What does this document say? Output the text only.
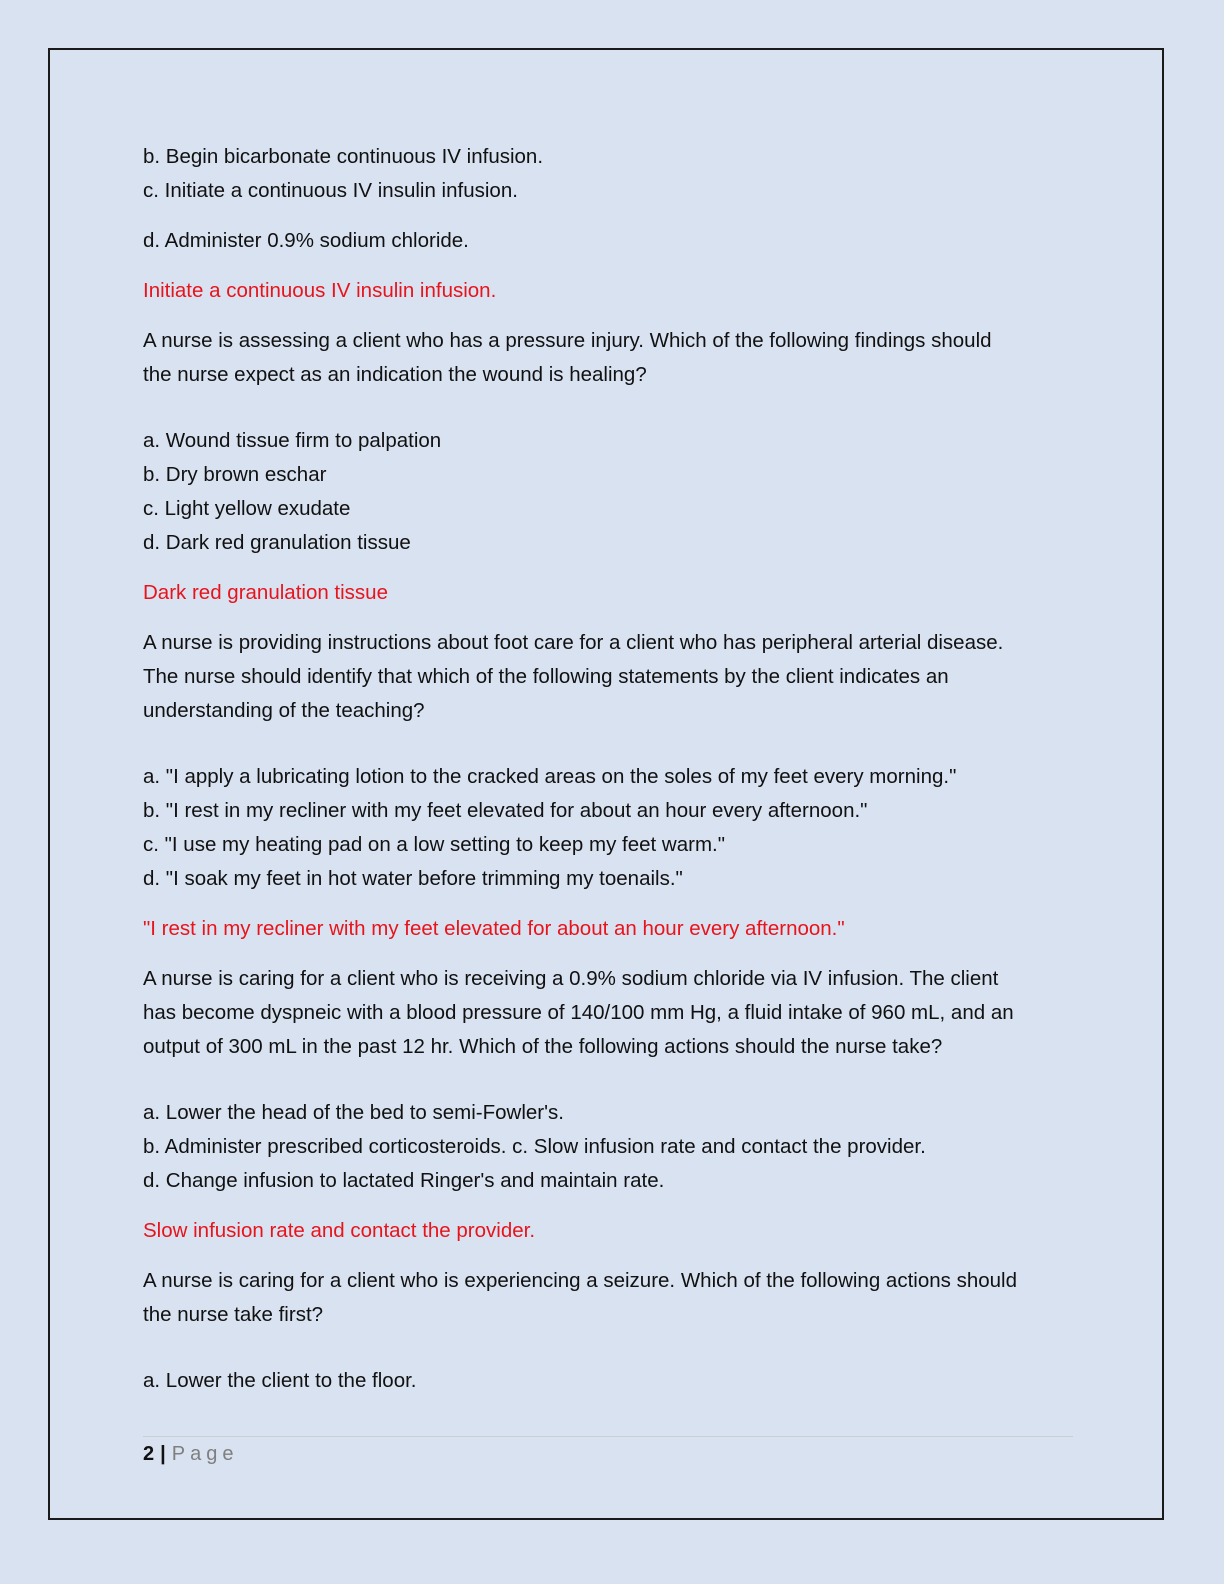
b. Begin bicarbonate continuous IV infusion.

c. Initiate a continuous IV insulin infusion.

d. Administer 0.9% sodium chloride.

Initiate a continuous IV insulin infusion.

A nurse is assessing a client who has a pressure injury. Which of the following findings should

the nurse expect as an indication the wound is healing?

a. Wound tissue firm to palpation

b. Dry brown eschar

c. Light yellow exudate

d. Dark red granulation tissue

Dark red granulation tissue

A nurse is providing instructions about foot care for a client who has peripheral arterial disease.

The nurse should identify that which of the following statements by the client indicates an

understanding of the teaching?

a. "I apply a lubricating lotion to the cracked areas on the soles of my feet every morning."

b. "I rest in my recliner with my feet elevated for about an hour every afternoon."

c. "I use my heating pad on a low setting to keep my feet warm."

d. "I soak my feet in hot water before trimming my toenails."

"I rest in my recliner with my feet elevated for about an hour every afternoon."

A nurse is caring for a client who is receiving a 0.9% sodium chloride via IV infusion. The client

has become dyspneic with a blood pressure of 140/100 mm Hg, a fluid intake of 960 mL, and an

output of 300 mL in the past 12 hr. Which of the following actions should the nurse take?

a. Lower the head of the bed to semi-Fowler's.

b. Administer prescribed corticosteroids. c. Slow infusion rate and contact the provider.

d. Change infusion to lactated Ringer's and maintain rate.

Slow infusion rate and contact the provider.

A nurse is caring for a client who is experiencing a seizure. Which of the following actions should

the nurse take first?

a. Lower the client to the floor.

2 | Page
